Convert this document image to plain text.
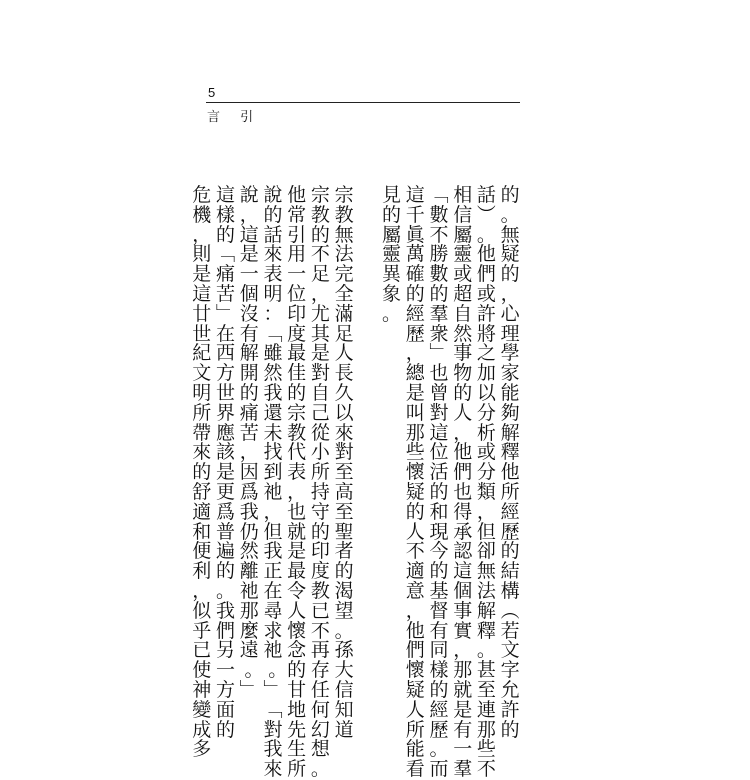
5
言 引
的。無疑的，心理學家能夠解釋他所經歷的結構︵若文字允許的
話︶。他們或許將之加以分析或分類，但卻無法解釋。甚至連那些不
相信屬靈或超自然事物的人，他們也得承認這個事實，那就是有一羣
﹁數不勝數的羣衆﹂也曾對這位活的和現今的基督有同樣的經歷。而
這千眞萬確的經歷，總是叫那些懷疑的人不適意，他們懷疑人所能看
見的屬靈異象。
宗教無法完全滿足人長久以來對至高至聖者的渴望。孫大信知道
宗教的不足，尤其是對自己從小所持守的印度教已不再存任何幻想。
他常引用一位印度最佳的宗教代表，也就是最令人懷念的甘地先生所
說的話來表明：﹁雖然我還未找到祂，但我正在尋求祂。﹂﹁對我來
說，這是一個沒有解開的痛苦，因爲我仍然離祂那麼遠。﹂
這樣的﹁痛苦﹂在西方世界應該是更爲普遍的。我們另一方面的
危機，則是這廿世紀文明所帶來的舒適和便利，似乎已使神變成多
